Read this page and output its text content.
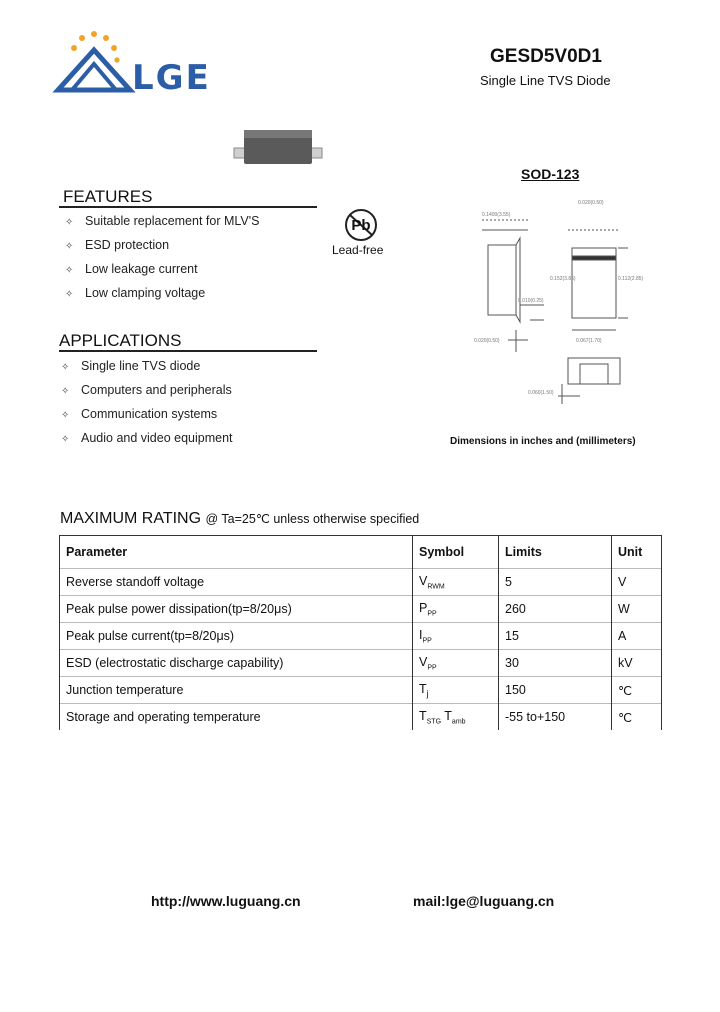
LGE
GESD5V0D1
Single Line TVS Diode
FEATURES
✧ Suitable replacement for MLV'S
✧ ESD protection
✧ Low leakage current
✧ Low clamping voltage
Pb
Lead-free
APPLICATIONS
✧ Single line TVS diode
✧ Computers and peripherals
✧ Communication systems
✧ Audio and video equipment
SOD-123
0.1400(3.55)
0.020(0.50)
0.152(3.86)	0.112(2.85)
0.010(0.25)
0.020(0.50)	0.067(1.70)
0.060(1.50)
Dimensions in inches and (millimeters)
MAXIMUM RATING @ Ta=25℃ unless otherwise specified
Parameter	Symbol	Limits	Unit
Reverse standoff voltage	$V_{RWM}$	5	V
Peak pulse power dissipation(tp=8/20μs)	$P_{PP}$	260	W
Peak pulse current(tp=8/20μs)	$I_{PP}$	15	A
ESD (electrostatic discharge capability)	$V_{PP}$	30	kV
Junction temperature	$T_j$	150	℃
Storage and operating temperature	$T_{STG}$ $T_{amb}$	-55 to+150	℃
http://www.luguang.cn	mail:lge@luguang.cn
